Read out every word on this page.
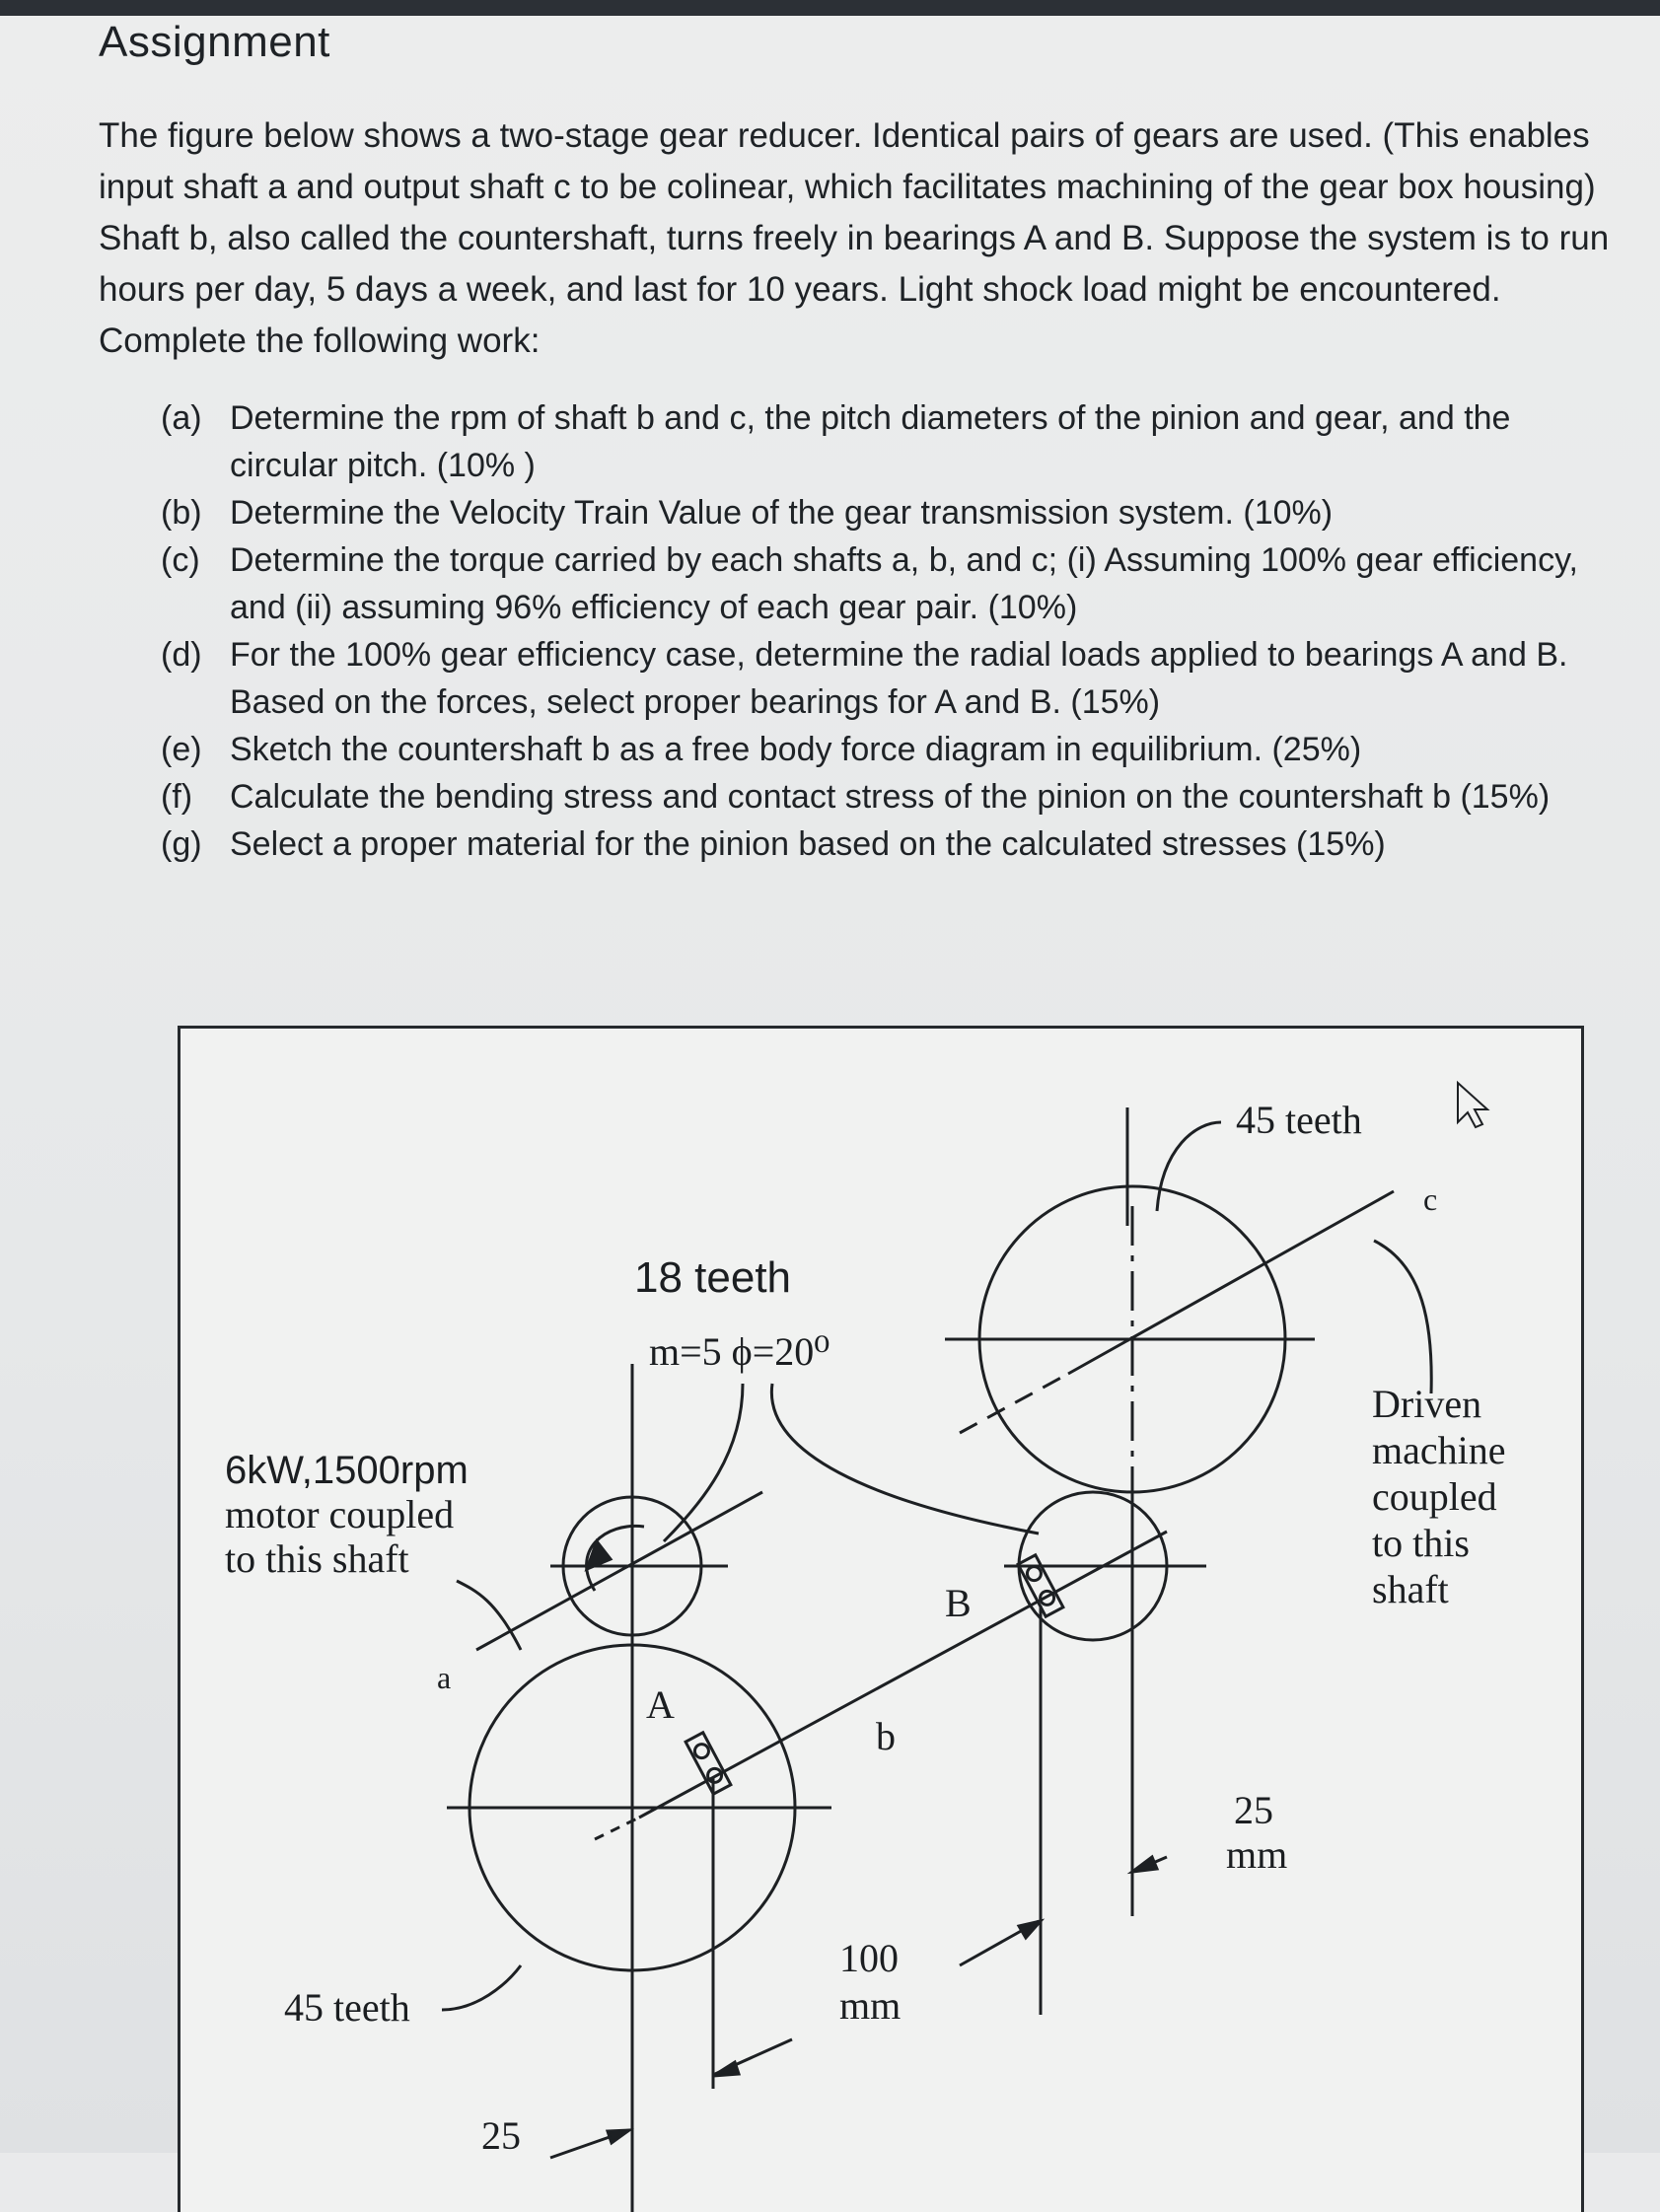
Assignment
The figure below shows a two-stage gear reducer. Identical pairs of gears are used. (This enables
input shaft a and output shaft c to be colinear, which facilitates machining of the gear box housing)
Shaft b, also called the countershaft, turns freely in bearings A and B. Suppose the system is to run
hours per day, 5 days a week, and last for 10 years. Light shock load might be encountered.
Complete the following work:
(a) Determine the rpm of shaft b and c, the pitch diameters of the pinion and gear, and the
circular pitch. (10% )
(b) Determine the Velocity Train Value of the gear transmission system. (10%)
(c) Determine the torque carried by each shafts a, b, and c; (i) Assuming 100% gear efficiency,
and (ii) assuming 96% efficiency of each gear pair. (10%)
(d) For the 100% gear efficiency case, determine the radial loads applied to bearings A and B.
Based on the forces, select proper bearings for A and B. (15%)
(e) Sketch the countershaft b as a free body force diagram in equilibrium. (25%)
(f) Calculate the bending stress and contact stress of the pinion on the countershaft b (15%)
(g) Select a proper material for the pinion based on the calculated stresses (15%)
45 teeth
c
18 teeth
m=5 ϕ=20⁰
6kW,1500rpm
motor coupled
to this shaft
Driven
machine
coupled
to this
shaft
a
A
B
b
25
mm
100
mm
45 teeth
25
